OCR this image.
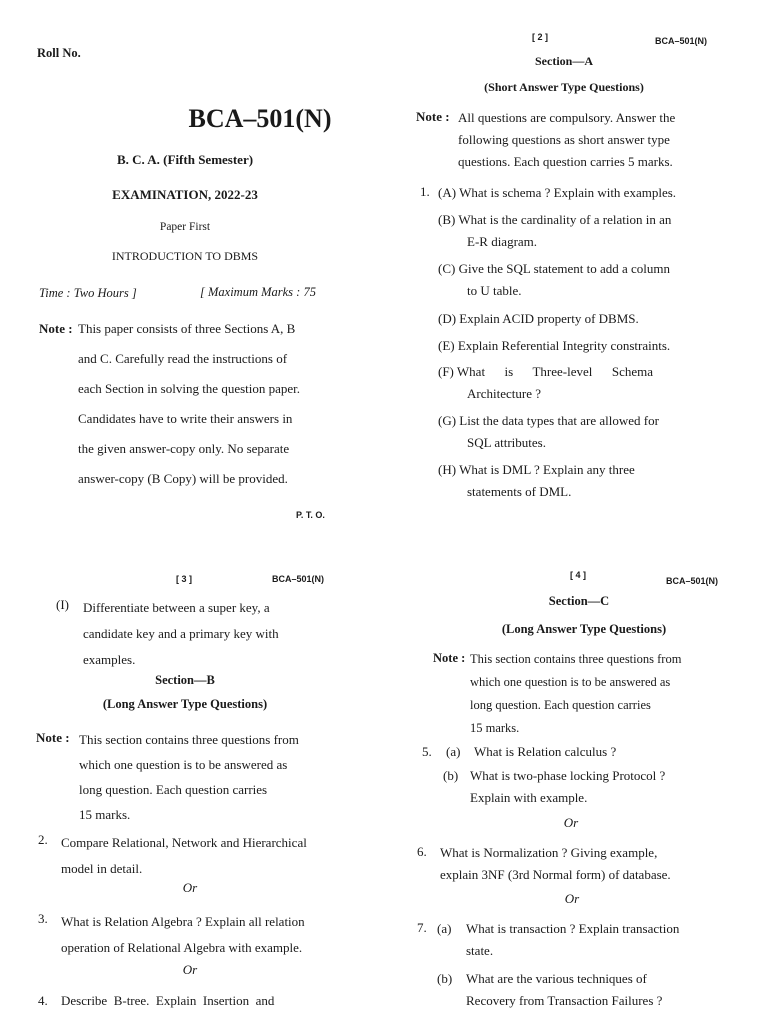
Roll No.
BCA–501(N)
B. C. A. (Fifth Semester)
EXAMINATION, 2022-23
Paper First
INTRODUCTION TO DBMS
Time : Two Hours ]	[ Maximum Marks : 75
Note : This paper consists of three Sections A, B
and C. Carefully read the instructions of
each Section in solving the question paper.
Candidates have to write their answers in
the given answer-copy only. No separate
answer-copy (B Copy) will be provided.
P. T. O.
[ 2 ]	BCA–501(N)
Section—A
(Short Answer Type Questions)
Note : All questions are compulsory. Answer the
following questions as short answer type
questions. Each question carries 5 marks.
1. (A) What is schema ? Explain with examples.
(B) What is the cardinality of a relation in an
E-R diagram.
(C) Give the SQL statement to add a column
to U table.
(D) Explain ACID property of DBMS.
(E) Explain Referential Integrity constraints.
(F) What      is      Three-level      Schema
Architecture ?
(G) List the data types that are allowed for
SQL attributes.
(H) What is DML ? Explain any three
statements of DML.
[ 3 ]	BCA–501(N)
(I) Differentiate between a super key, a
candidate key and a primary key with
examples.
Section—B
(Long Answer Type Questions)
Note : This section contains three questions from
which one question is to be answered as
long question. Each question carries
15 marks.
2. Compare Relational, Network and Hierarchical
model in detail.
Or
3. What is Relation Algebra ? Explain all relation
operation of Relational Algebra with example.
Or
4. Describe  B-tree.  Explain  Insertion  and
[ 4 ]
BCA–501(N)
Section—C
(Long Answer Type Questions)
Note : This section contains three questions from
which one question is to be answered as
long question. Each question carries
15 marks.
5. (a) What is Relation calculus ?
(b) What is two-phase locking Protocol ?
Explain with example.
Or
6. What is Normalization ? Giving example,
explain 3NF (3rd Normal form) of database.
Or
7. (a) What is transaction ? Explain transaction
state.
(b) What are the various techniques of
Recovery from Transaction Failures ?
